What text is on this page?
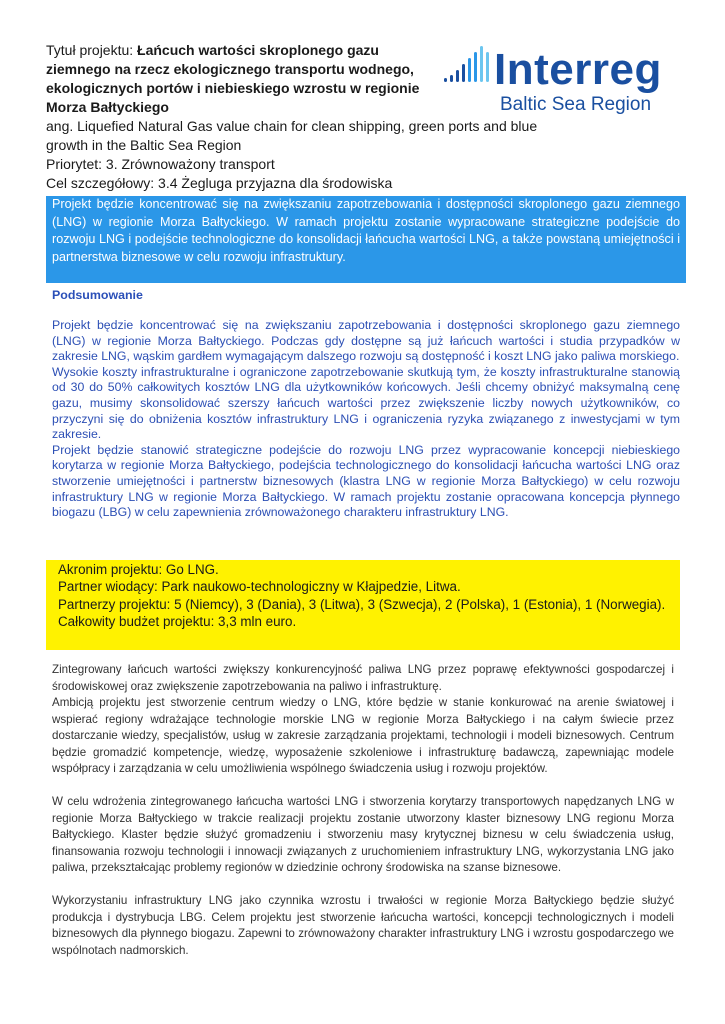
Tytuł projektu: Łańcuch wartości skroplonego gazu
ziemnego na rzecz ekologicznego transportu wodnego,
ekologicznych portów i niebieskiego wzrostu w regionie
Morza Bałtyckiego
ang. Liquefied Natural Gas value chain for clean shipping, green ports and blue
growth in the Baltic Sea Region
Priorytet: 3. Zrównoważony transport
Cel szczegółowy: 3.4 Żegluga przyjazna dla środowiska
Interreg
Baltic Sea Region
Projekt będzie koncentrować się na zwiększaniu zapotrzebowania i dostępności skroplonego gazu ziemnego (LNG) w regionie Morza Bałtyckiego. W ramach projektu zostanie wypracowane strategiczne podejście do rozwoju LNG i podejście technologiczne do konsolidacji łańcucha wartości LNG, a także powstaną umiejętności i partnerstwa biznesowe w celu rozwoju infrastruktury.
Podsumowanie

Projekt będzie koncentrować się na zwiększaniu zapotrzebowania i dostępności skroplonego gazu ziemnego (LNG) w regionie Morza Bałtyckiego. Podczas gdy dostępne są już łańcuch wartości i studia przypadków w zakresie LNG, wąskim gardłem wymagającym dalszego rozwoju są dostępność i koszt LNG jako paliwa morskiego.

Wysokie koszty infrastrukturalne i ograniczone zapotrzebowanie skutkują tym, że koszty infrastrukturalne stanowią od 30 do 50% całkowitych kosztów LNG dla użytkowników końcowych. Jeśli chcemy obniżyć maksymalną cenę gazu, musimy skonsolidować szerszy łańcuch wartości przez zwiększenie liczby nowych użytkowników, co przyczyni się do obniżenia kosztów infrastruktury LNG i ograniczenia ryzyka związanego z inwestycjami w tym zakresie.

Projekt będzie stanowić strategiczne podejście do rozwoju LNG przez wypracowanie koncepcji niebieskiego korytarza w regionie Morza Bałtyckiego, podejścia technologicznego do konsolidacji łańcucha wartości LNG oraz stworzenie umiejętności i partnerstw biznesowych (klastra LNG w regionie Morza Bałtyckiego) w celu rozwoju infrastruktury LNG w regionie Morza Bałtyckiego. W ramach projektu zostanie opracowana koncepcja płynnego biogazu (LBG) w celu zapewnienia zrównoważonego charakteru infrastruktury LNG.

Akronim projektu: Go LNG.

Partner wiodący: Park naukowo-technologiczny w Kłajpedzie, Litwa.

Partnerzy projektu: 5 (Niemcy), 3 (Dania), 3 (Litwa), 3 (Szwecja), 2 (Polska), 1 (Estonia), 1 (Norwegia).

Całkowity budżet projektu: 3,3 mln euro.

Zintegrowany łańcuch wartości zwiększy konkurencyjność paliwa LNG przez poprawę efektywności gospodarczej i środowiskowej oraz zwiększenie zapotrzebowania na paliwo i infrastrukturę.

Ambicją projektu jest stworzenie centrum wiedzy o LNG, które będzie w stanie konkurować na arenie światowej i wspierać regiony wdrażające technologie morskie LNG w regionie Morza Bałtyckiego i na całym świecie przez dostarczanie wiedzy, specjalistów, usług w zakresie zarządzania projektami, technologii i modeli biznesowych. Centrum będzie gromadzić kompetencje, wiedzę, wyposażenie szkoleniowe i infrastrukturę badawczą, zapewniając modele współpracy i zarządzania w celu umożliwienia wspólnego świadczenia usług i rozwoju projektów.

W celu wdrożenia zintegrowanego łańcucha wartości LNG i stworzenia korytarzy transportowych napędzanych LNG w regionie Morza Bałtyckiego w trakcie realizacji projektu zostanie utworzony klaster biznesowy LNG regionu Morza Bałtyckiego. Klaster będzie służyć gromadzeniu i stworzeniu masy krytycznej biznesu w celu świadczenia usług, finansowania rozwoju technologii i innowacji związanych z uruchomieniem infrastruktury LNG, wykorzystania LNG jako paliwa, przekształcając problemy regionów w dziedzinie ochrony środowiska na szanse biznesowe.

Wykorzystaniu infrastruktury LNG jako czynnika wzrostu i trwałości w regionie Morza Bałtyckiego będzie służyć produkcja i dystrybucja LBG. Celem projektu jest stworzenie łańcucha wartości, koncepcji technologicznych i modeli biznesowych dla płynnego biogazu. Zapewni to zrównoważony charakter infrastruktury LNG i wzrostu gospodarczego we wspólnotach nadmorskich.
